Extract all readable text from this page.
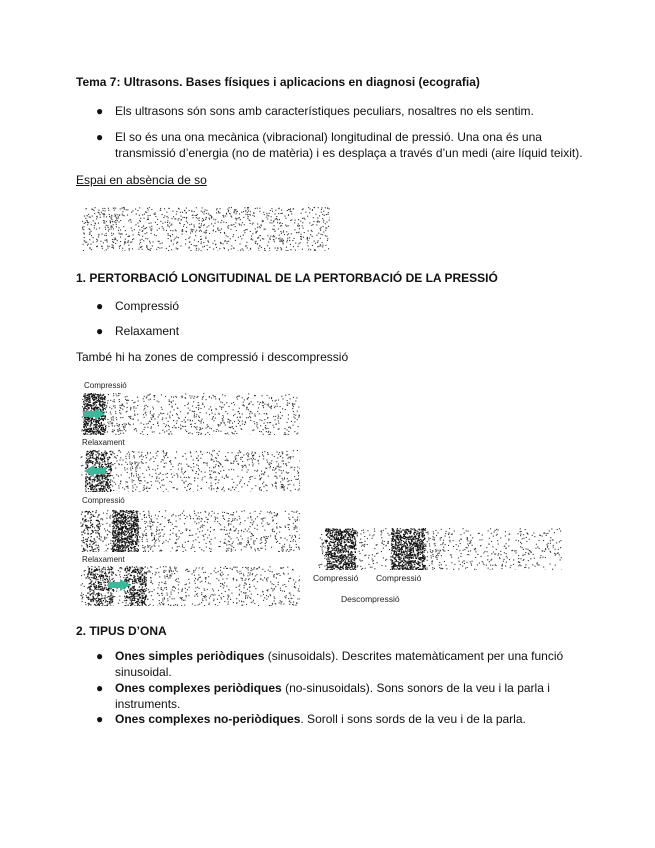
Tema 7: Ultrasons. Bases físiques i aplicacions en diagnosi (ecografia)
● Els ultrasons són sons amb característiques peculiars, nosaltres no els sentim.
● El so és una ona mecànica (vibracional) longitudinal de pressió. Una ona és una transmissió d’energia (no de matèria) i es desplaça a través d’un medi (aire líquid teixit).
Espai en absència de so
1. PERTORBACIÓ LONGITUDINAL DE LA PERTORBACIÓ DE LA PRESSIÓ
● Compressió
● Relaxament
També hi ha zones de compressió i descompressió
Compressió
Relaxament
Compressió
Relaxament
Compressió Compressió
Descompressió
2. TIPUS D’ONA
● Ones simples periòdiques (sinusoidals). Descrites matemàticament per una funció sinusoidal.
● Ones complexes periòdiques (no-sinusoidals). Sons sonors de la veu i la parla i instruments.
● Ones complexes no-periòdiques. Soroll i sons sords de la veu i de la parla.
